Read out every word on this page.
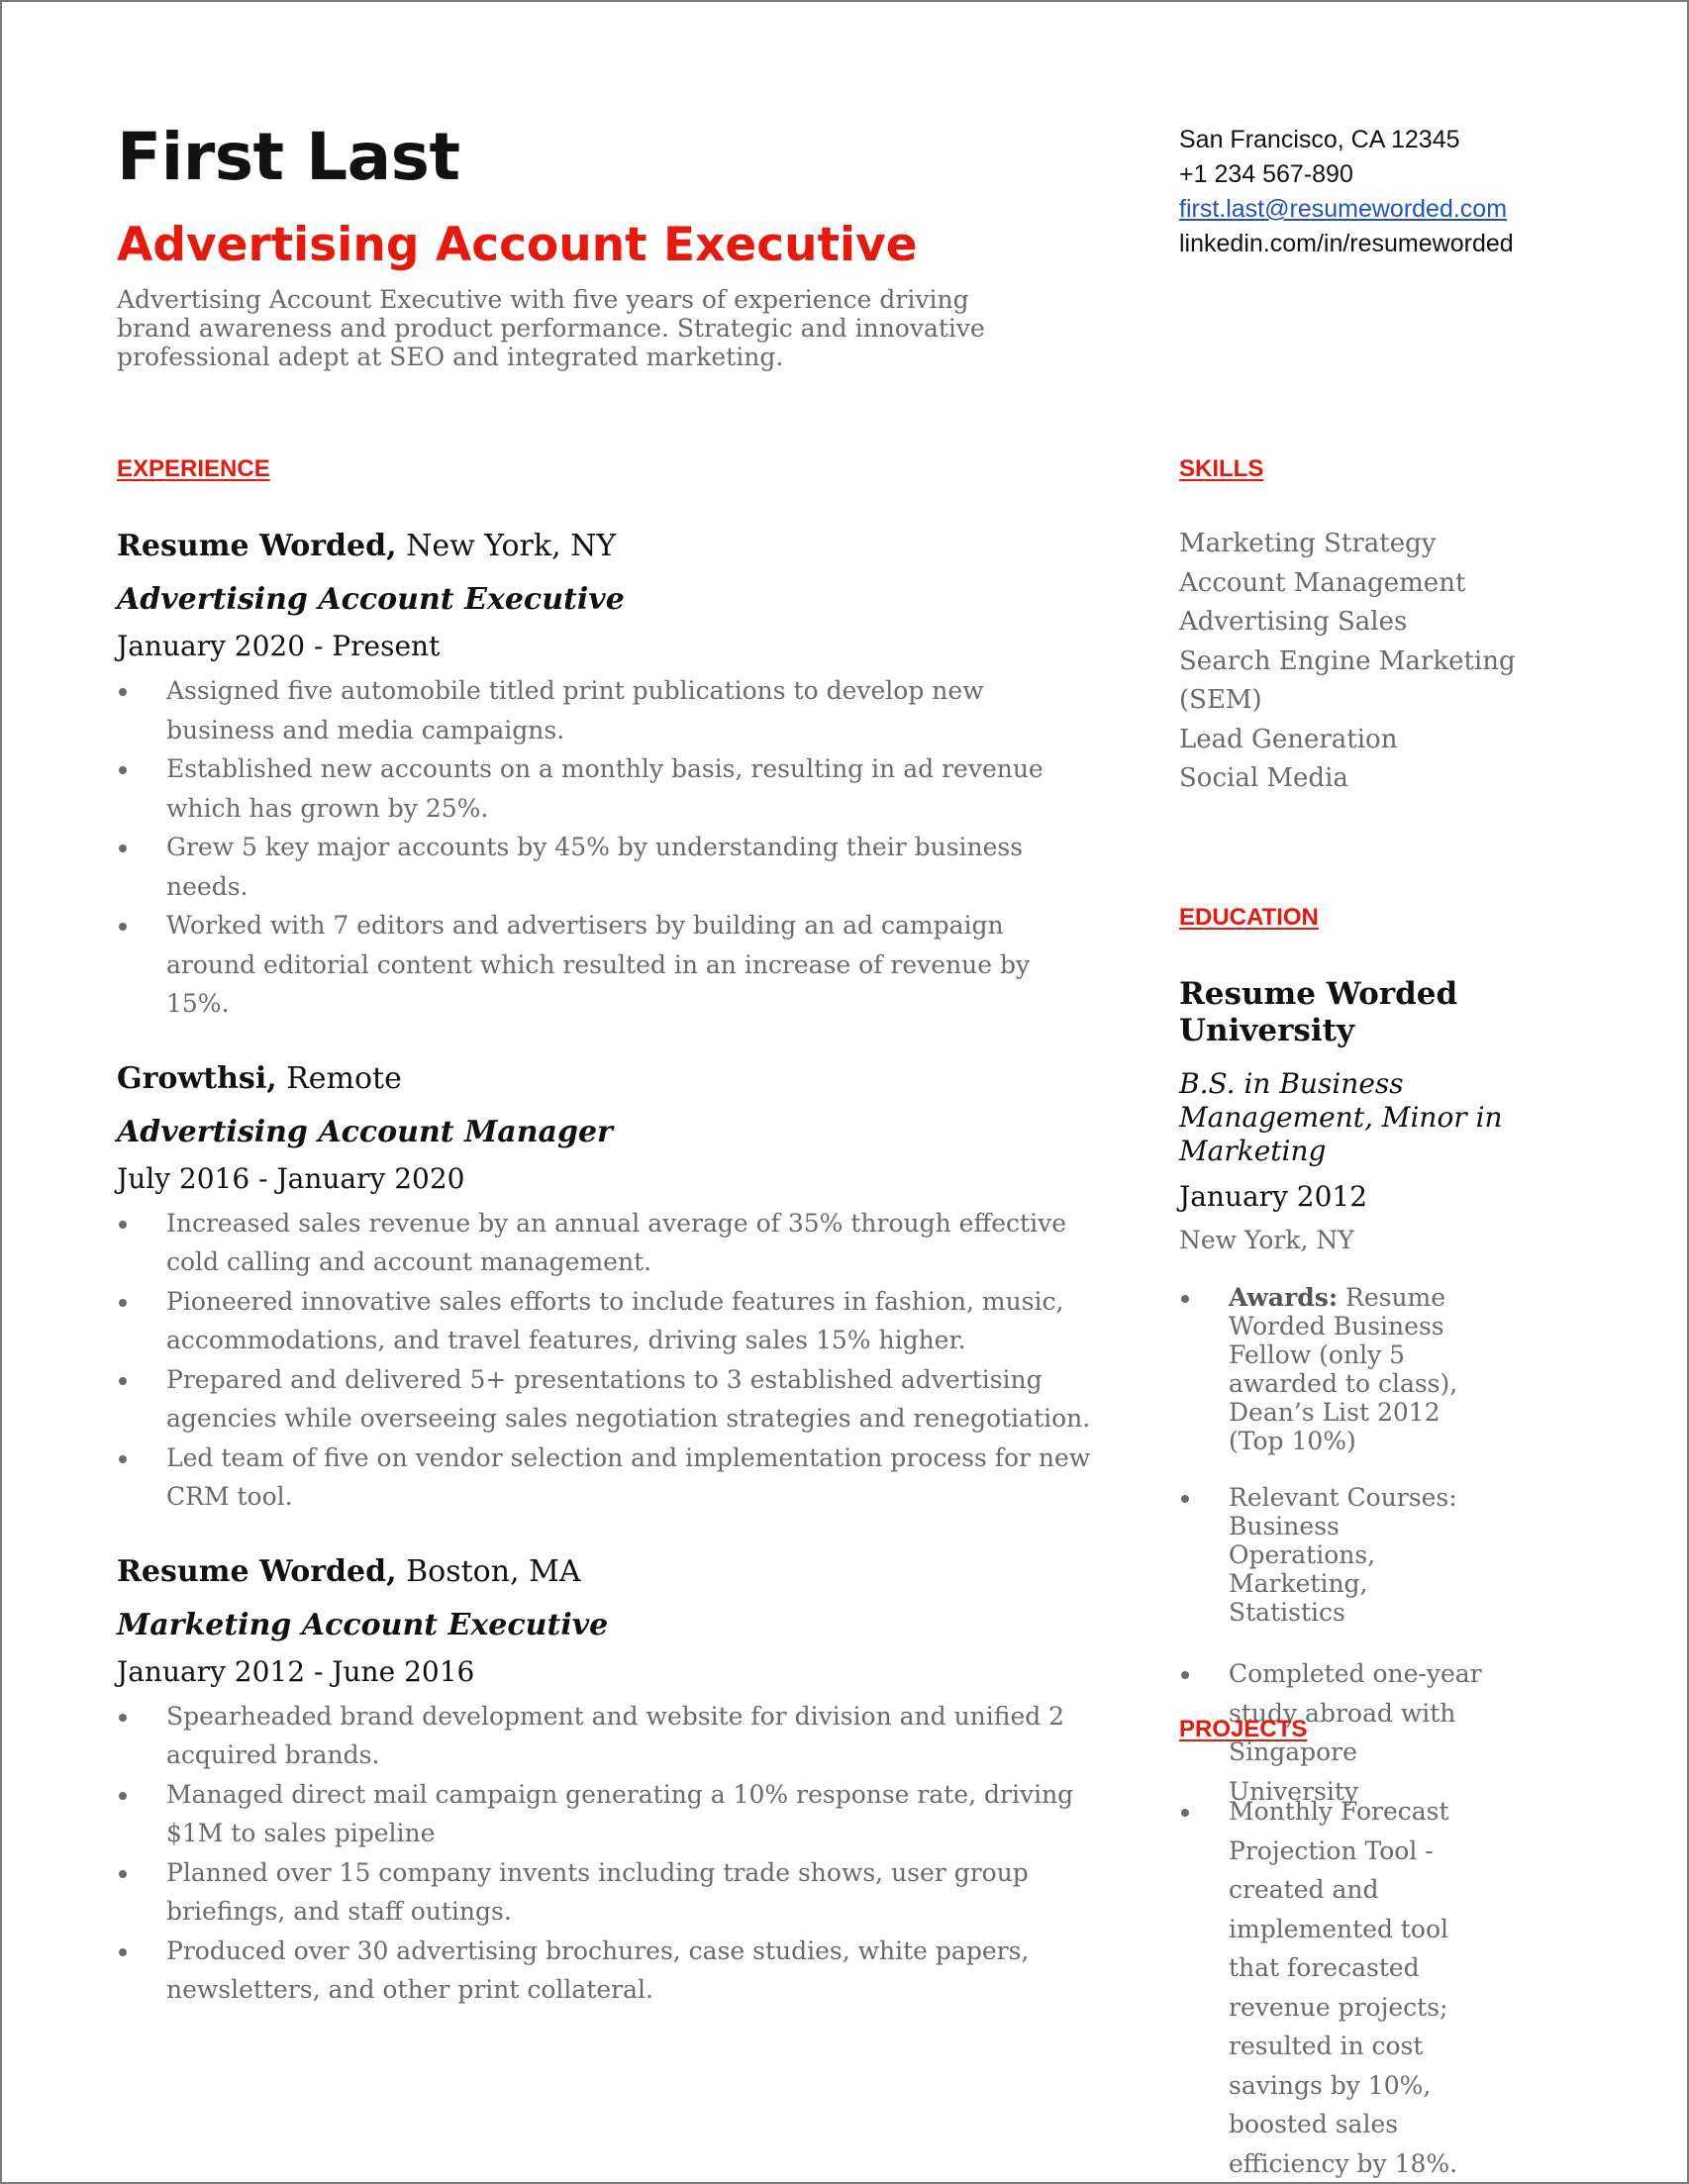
First Last
Advertising Account Executive
Advertising Account Executive with five years of experience driving brand awareness and product performance. Strategic and innovative professional adept at SEO and integrated marketing.
San Francisco, CA 12345
+1 234 567-890
first.last@resumeworded.com
linkedin.com/in/resumeworded
EXPERIENCE
Resume Worded, New York, NY
Advertising Account Executive
January 2020 - Present
Assigned five automobile titled print publications to develop new business and media campaigns.
Established new accounts on a monthly basis, resulting in ad revenue which has grown by 25%.
Grew 5 key major accounts by 45% by understanding their business needs.
Worked with 7 editors and advertisers by building an ad campaign around editorial content which resulted in an increase of revenue by 15%.
Growthsi, Remote
Advertising Account Manager
July 2016 - January 2020
Increased sales revenue by an annual average of 35% through effective cold calling and account management.
Pioneered innovative sales efforts to include features in fashion, music, accommodations, and travel features, driving sales 15% higher.
Prepared and delivered 5+ presentations to 3 established advertising agencies while overseeing sales negotiation strategies and renegotiation.
Led team of five on vendor selection and implementation process for new CRM tool.
Resume Worded, Boston, MA
Marketing Account Executive
January 2012 - June 2016
Spearheaded brand development and website for division and unified 2 acquired brands.
Managed direct mail campaign generating a 10% response rate, driving $1M to sales pipeline
Planned over 15 company invents including trade shows, user group briefings, and staff outings.
Produced over 30 advertising brochures, case studies, white papers, newsletters, and other print collateral.
SKILLS
Marketing Strategy
Account Management
Advertising Sales
Search Engine Marketing (SEM)
Lead Generation
Social Media
EDUCATION
Resume Worded University
B.S. in Business Management, Minor in Marketing
January 2012
New York, NY
Awards: Resume Worded Business Fellow (only 5 awarded to class), Dean’s List 2012 (Top 10%)
Relevant Courses: Business Operations, Marketing, Statistics
Completed one-year study abroad with Singapore University
PROJECTS
Monthly Forecast Projection Tool - created and implemented tool that forecasted revenue projects; resulted in cost savings by 10%, boosted sales efficiency by 18%.
